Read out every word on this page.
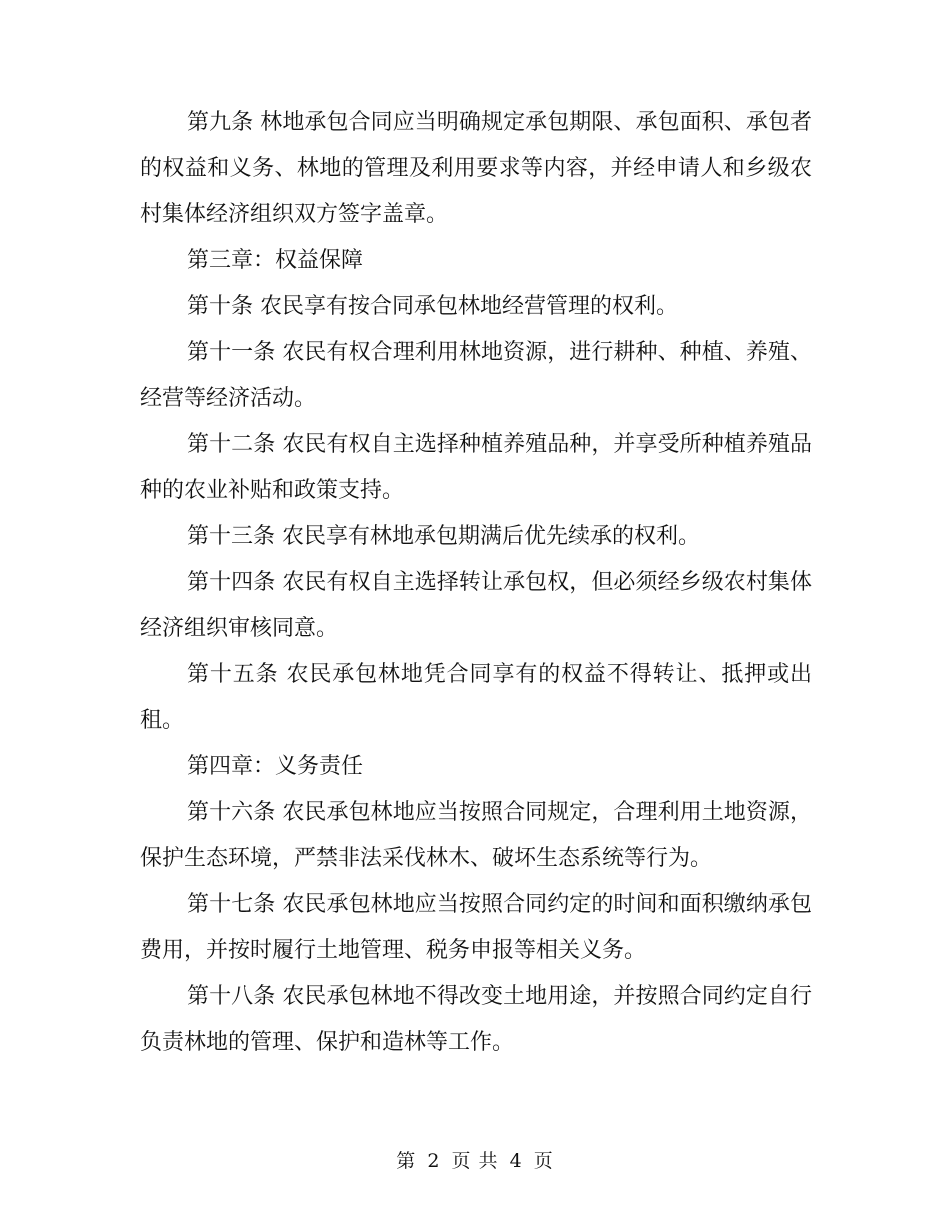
第九条 林地承包合同应当明确规定承包期限、承包面积、承包者的权益和义务、林地的管理及利用要求等内容，并经申请人和乡级农村集体经济组织双方签字盖章。

第三章：权益保障

第十条 农民享有按合同承包林地经营管理的权利。

第十一条 农民有权合理利用林地资源，进行耕种、种植、养殖、经营等经济活动。

第十二条 农民有权自主选择种植养殖品种，并享受所种植养殖品种的农业补贴和政策支持。

第十三条 农民享有林地承包期满后优先续承的权利。

第十四条 农民有权自主选择转让承包权，但必须经乡级农村集体经济组织审核同意。

第十五条 农民承包林地凭合同享有的权益不得转让、抵押或出租。

第四章：义务责任

第十六条 农民承包林地应当按照合同规定，合理利用土地资源，保护生态环境，严禁非法采伐林木、破坏生态系统等行为。

第十七条 农民承包林地应当按照合同约定的时间和面积缴纳承包费用，并按时履行土地管理、税务申报等相关义务。

第十八条 农民承包林地不得改变土地用途，并按照合同约定自行负责林地的管理、保护和造林等工作。

第 2 页 共 4 页
